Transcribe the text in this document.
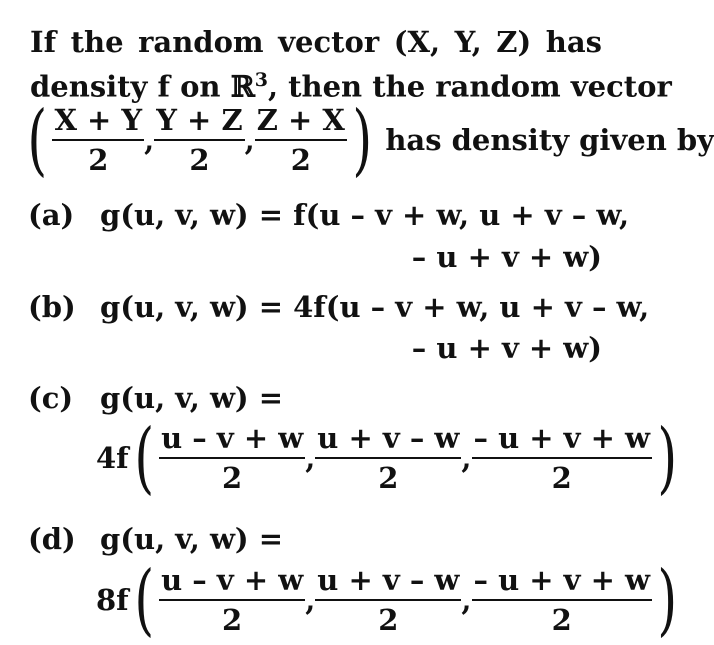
If the random vector (X, Y, Z) has
density f on ℝ$^3$, then the random vector
( $\frac{X + Y}{2}$ , $\frac{Y + Z}{2}$ , $\frac{Z + X}{2}$ ) has density given by
(a) g(u, v, w) = f(u – v + w, u + v – w,
– u + v + w)
(b) g(u, v, w) = 4f(u – v + w, u + v – w,
– u + v + w)
(c) g(u, v, w) =
4f ( $\frac{u - v + w}{2}$ , $\frac{u + v - w}{2}$ , $\frac{- u + v + w}{2}$ )
(d) g(u, v, w) =
8f ( $\frac{u - v + w}{2}$ , $\frac{u + v - w}{2}$ , $\frac{- u + v + w}{2}$ )
